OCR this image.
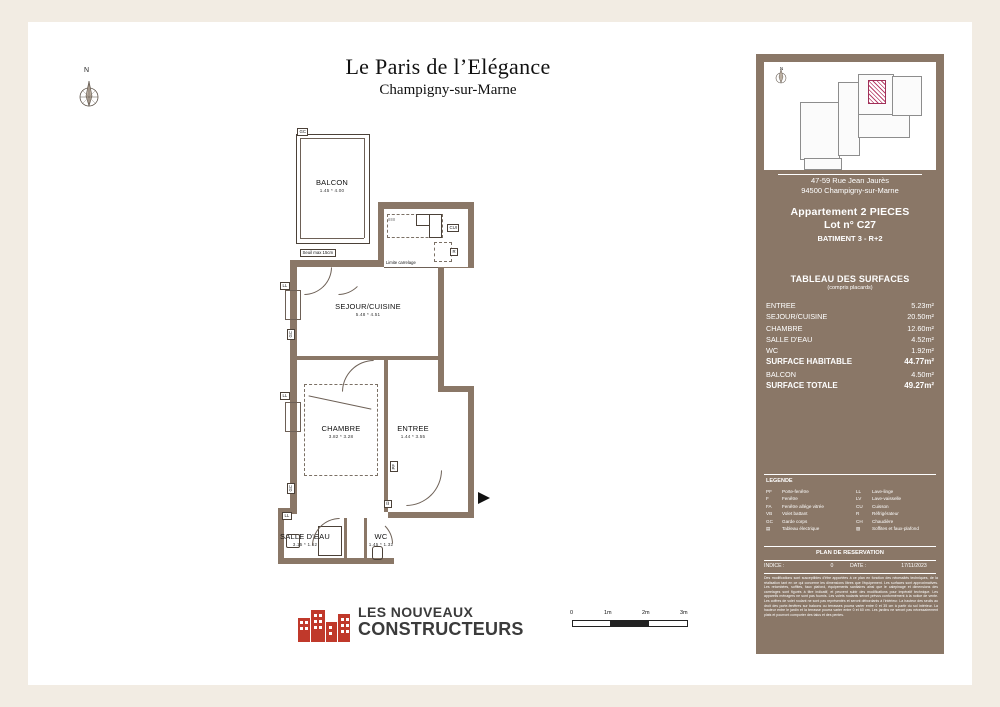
Le Paris de l’Elégance
Champigny-sur-Marne
N
BALCON
1.45 * 4.00
GC
Seuil max 15cm
≡≡≡
CUI
R
Limite carrelage
SEJOUR/CUISINE
5.48 * 4.51
CHAMBRE
3.82 * 3.28
ENTREE
1.44 * 3.55
SALLE D'EAU
3.15 * 1.62
LL
WC
1.45 * 1.32
LL
GC
LL
GC
PF
⌷
N
47-59 Rue Jean Jaurès
94500 Champigny-sur-Marne
Appartement 2 PIECES
Lot n° C27
BATIMENT 3 - R+2
TABLEAU DES SURFACES
(compris placards)
ENTREE	5.23m²
SEJOUR/CUISINE	20.50m²
CHAMBRE	12.60m²
SALLE D'EAU	4.52m²
WC	1.92m²
SURFACE HABITABLE	44.77m²
BALCON	4.50m²
SURFACE TOTALE	49.27m²
LEGENDE
PF	Porte-fenêtre
F	Fenêtre
FA	Fenêtre allége vitrée
VB	Volet battant
GC	Garde corps
▤	Tableau électrique
LL	Lave-linge
LV	Lave-vaisselle
CU	Cuisson
R	Réfrigérateur
CH	Chaudière
▨	Soffites et faux-plafond
PLAN DE RESERVATION
INDICE :	0	DATE :	17/11/2023
Des modifications sont susceptibles d'être apportées à ce plan en fonction des nécessités techniques, de la réalisation tant en ce qui concerne les dimensions libres que l'équipement. Les surfaces sont approximatives. Les retombées, soffites, faux plafond, équipements sanitaires ainsi que le calepinage et dimensions des carrelages sont figurés à titre indicatif, et peuvent subir des modifications pour impératif technique. Les appareils ménagers ne sont pas fournis. Les volets roulants seront prévus conformément à la notice de vente. Les coffres de volet roulant ne sont pas représentés et seront débordants à l'intérieur. La hauteur des seuils au droit des porte-fenêtres sur balcons ou terrasses pourra varier entre 0 et 35 cm à partir du sol intérieur. La hauteur entre le jardin et la terrasse pourra varier entre 0 et 60 cm. Les jardins ne seront pas nécessairement plats et pourront comporter des talus et des pentes.
LES NOUVEAUX
CONSTRUCTEURS
0	1m	2m	3m
